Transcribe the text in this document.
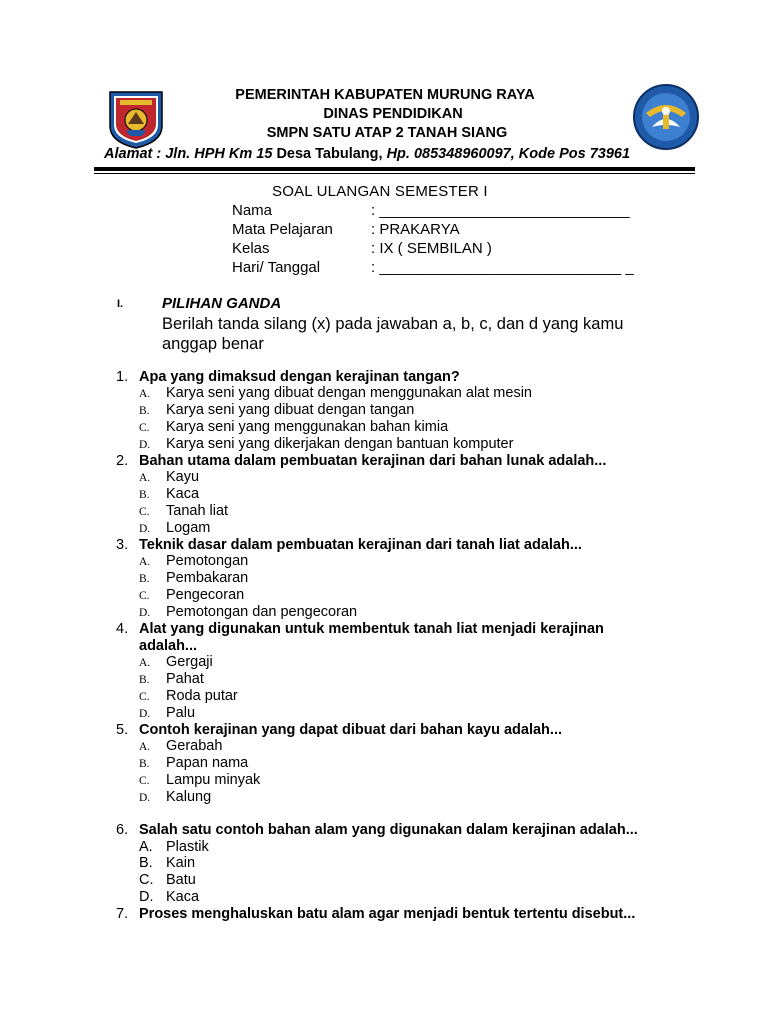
PEMERINTAH KABUPATEN MURUNG RAYA
DINAS PENDIDIKAN
SMPN SATU ATAP 2 TANAH SIANG
Alamat : Jln. HPH Km 15 Desa Tabulang, Hp. 085348960097, Kode Pos 73961
SOAL ULANGAN SEMESTER I
Nama	: ______________________________
Mata Pelajaran	: PRAKARYA
Kelas	: IX ( SEMBILAN )
Hari/ Tanggal	: _____________________________ _
I.	PILIHAN GANDA
Berilah tanda silang (x) pada jawaban a, b, c, dan d yang kamu anggap benar
1. Apa yang dimaksud dengan kerajinan tangan?
A. Karya seni yang dibuat dengan menggunakan alat mesin
B. Karya seni yang dibuat dengan tangan
C. Karya seni yang menggunakan bahan kimia
D. Karya seni yang dikerjakan dengan bantuan komputer
2. Bahan utama dalam pembuatan kerajinan dari bahan lunak adalah...
A. Kayu
B. Kaca
C. Tanah liat
D. Logam
3. Teknik dasar dalam pembuatan kerajinan dari tanah liat adalah...
A. Pemotongan
B. Pembakaran
C. Pengecoran
D. Pemotongan dan pengecoran
4. Alat yang digunakan untuk membentuk tanah liat menjadi kerajinan
adalah...
A. Gergaji
B. Pahat
C. Roda putar
D. Palu
5. Contoh kerajinan yang dapat dibuat dari bahan kayu adalah...
A. Gerabah
B. Papan nama
C. Lampu minyak
D. Kalung
6. Salah satu contoh bahan alam yang digunakan dalam kerajinan adalah...
A. Plastik
B. Kain
C. Batu
D. Kaca
7. Proses menghaluskan batu alam agar menjadi bentuk tertentu disebut...
